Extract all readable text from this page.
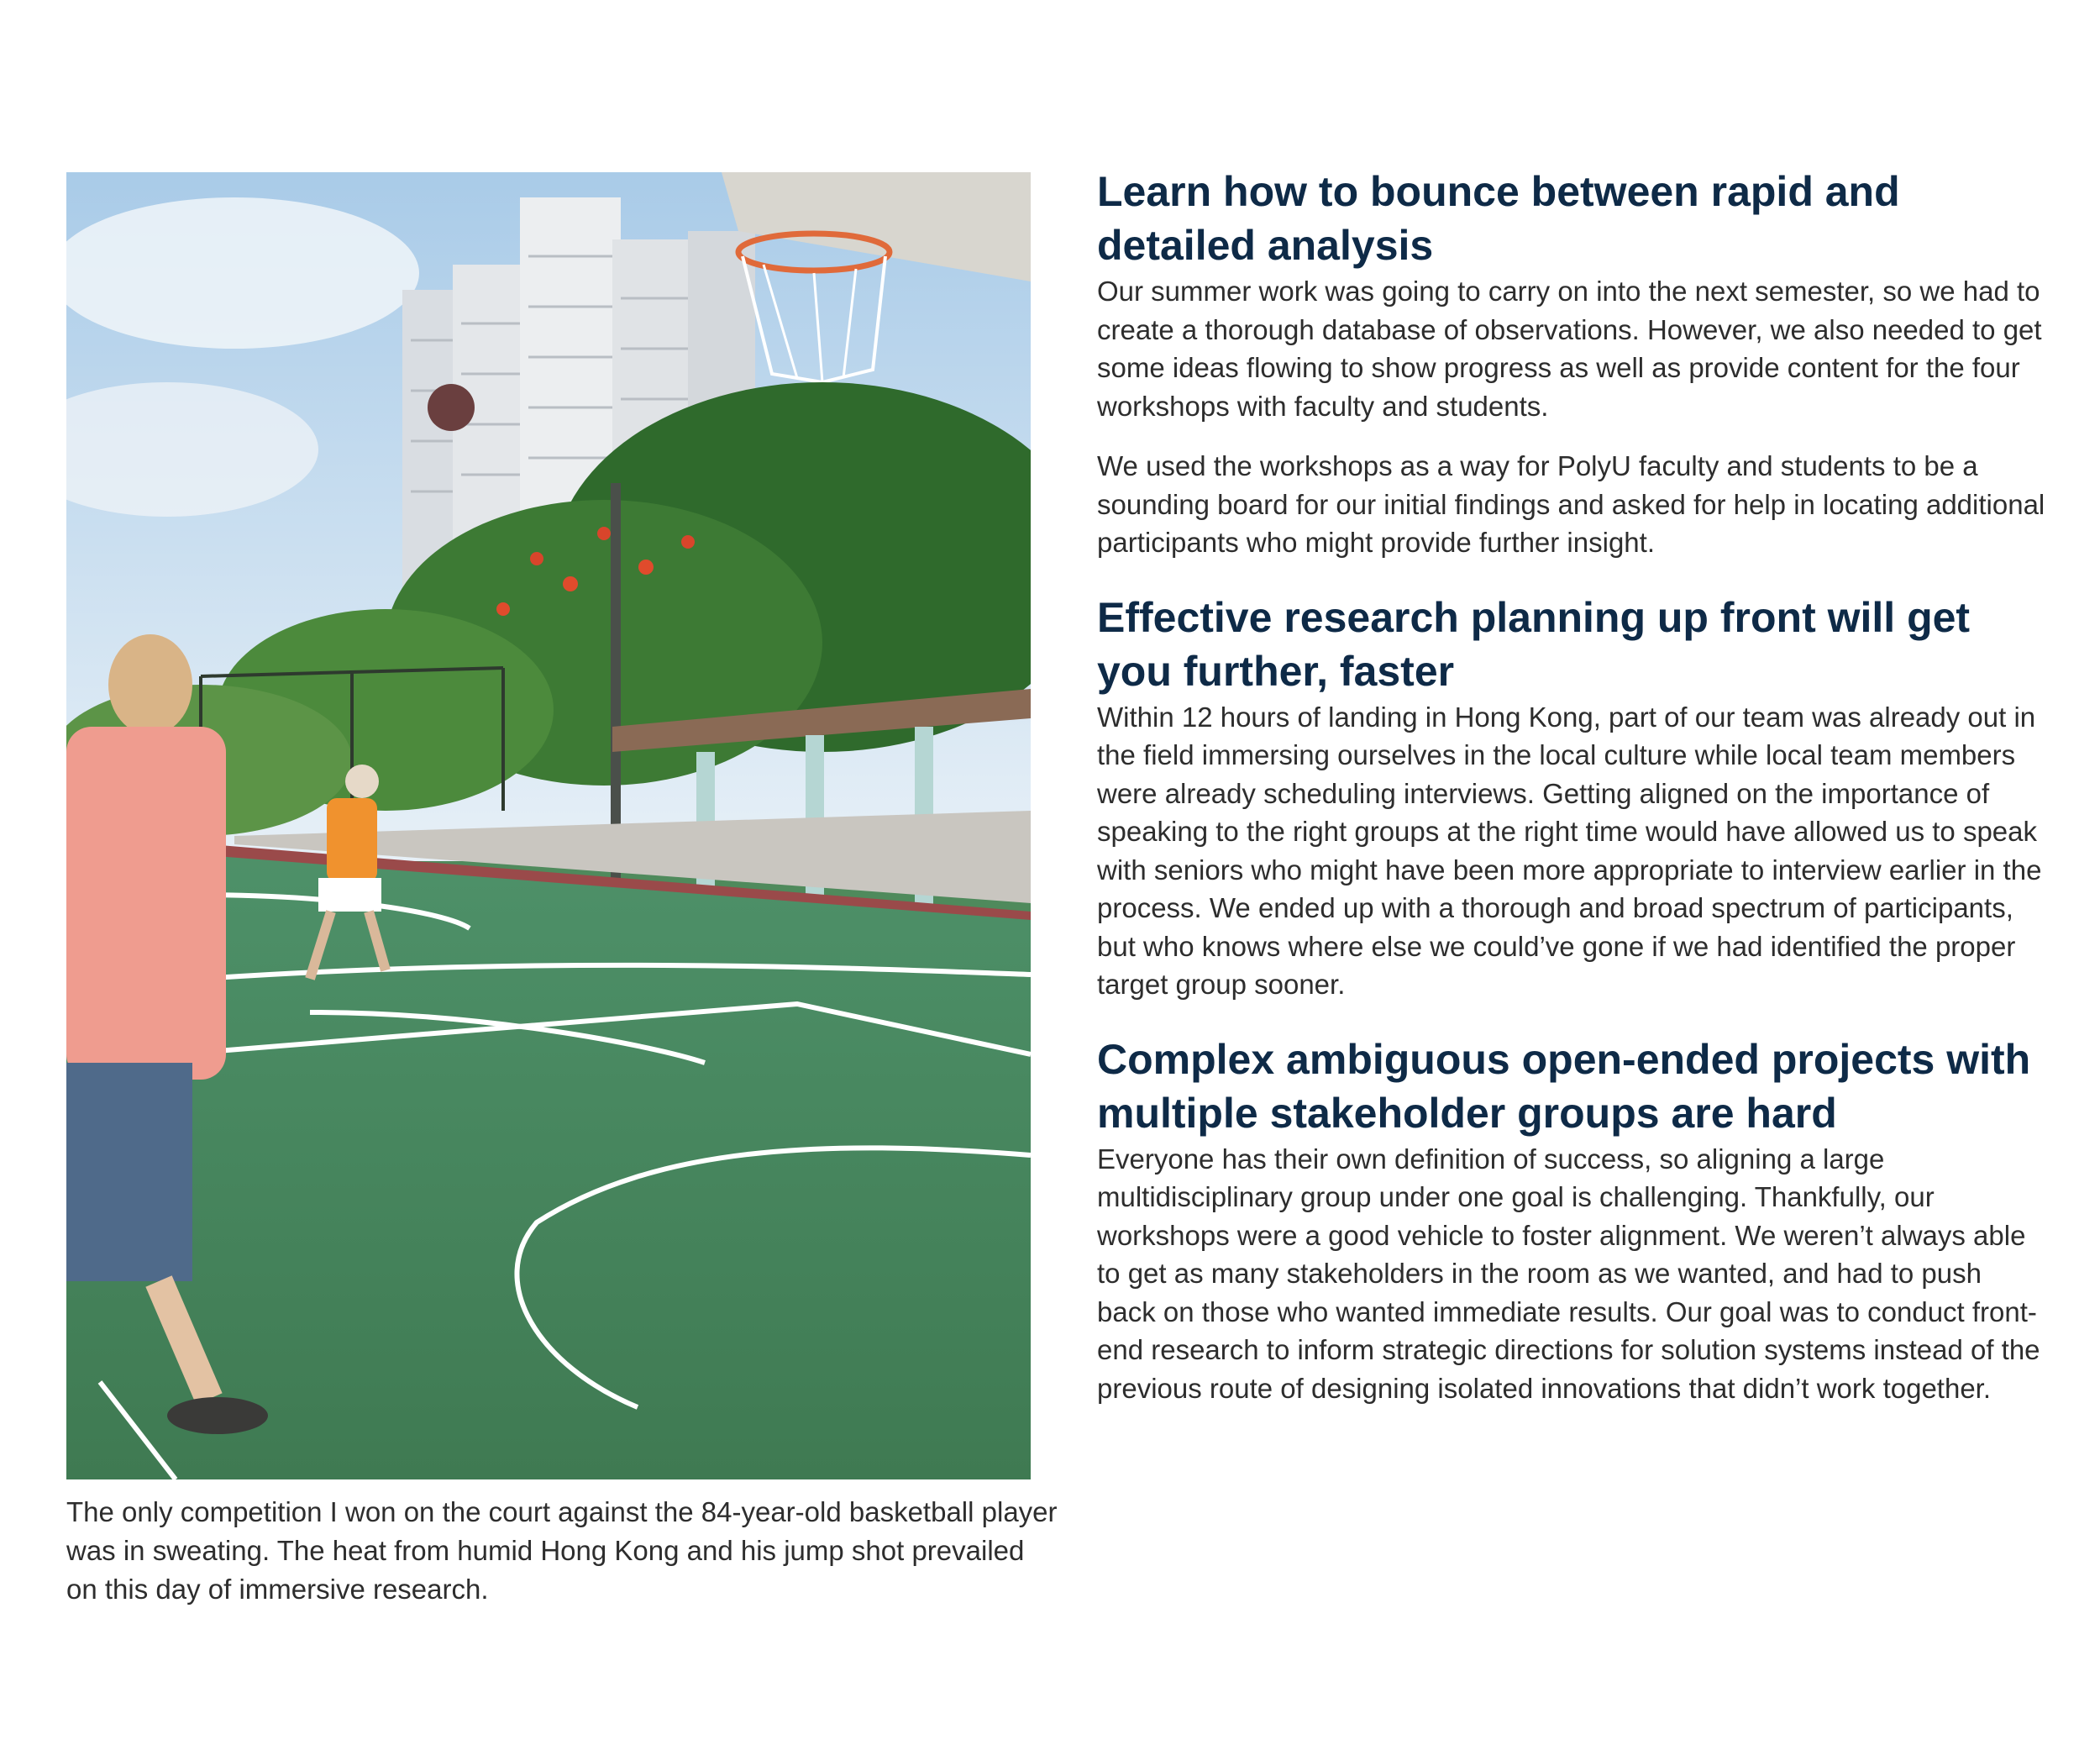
The only competition I won on the court against the 84-year-old basketball player was in sweating. The heat from humid Hong Kong and his jump shot prevailed on this day of immersive research.

Learn how to bounce between rapid and detailed analysis

Our summer work was going to carry on into the next semester, so we had to create a thorough database of observations. However, we also needed to get some ideas flowing to show progress as well as provide content for the four workshops with faculty and students.

We used the workshops as a way for PolyU faculty and students to be a sounding board for our initial findings and asked for help in locating additional participants who might provide further insight.

Effective research planning up front will get you further, faster

Within 12 hours of landing in Hong Kong, part of our team was already out in the field immersing ourselves in the local culture while local team members were already scheduling interviews. Getting aligned on the importance of speaking to the right groups at the right time would have allowed us to speak with seniors who might have been more appropriate to interview earlier in the process. We ended up with a thorough and broad spectrum of participants, but who knows where else we could’ve gone if we had identified the proper target group sooner.

Complex ambiguous open-ended projects with multiple stakeholder groups are hard

Everyone has their own definition of success, so aligning a large multidisciplinary group under one goal is challenging. Thankfully, our workshops were a good vehicle to foster alignment. We weren’t always able to get as many stakeholders in the room as we wanted, and had to push back on those who wanted immediate results. Our goal was to conduct front-end research to inform strategic directions for solution systems instead of the previous route of designing isolated innovations that didn’t work together.
